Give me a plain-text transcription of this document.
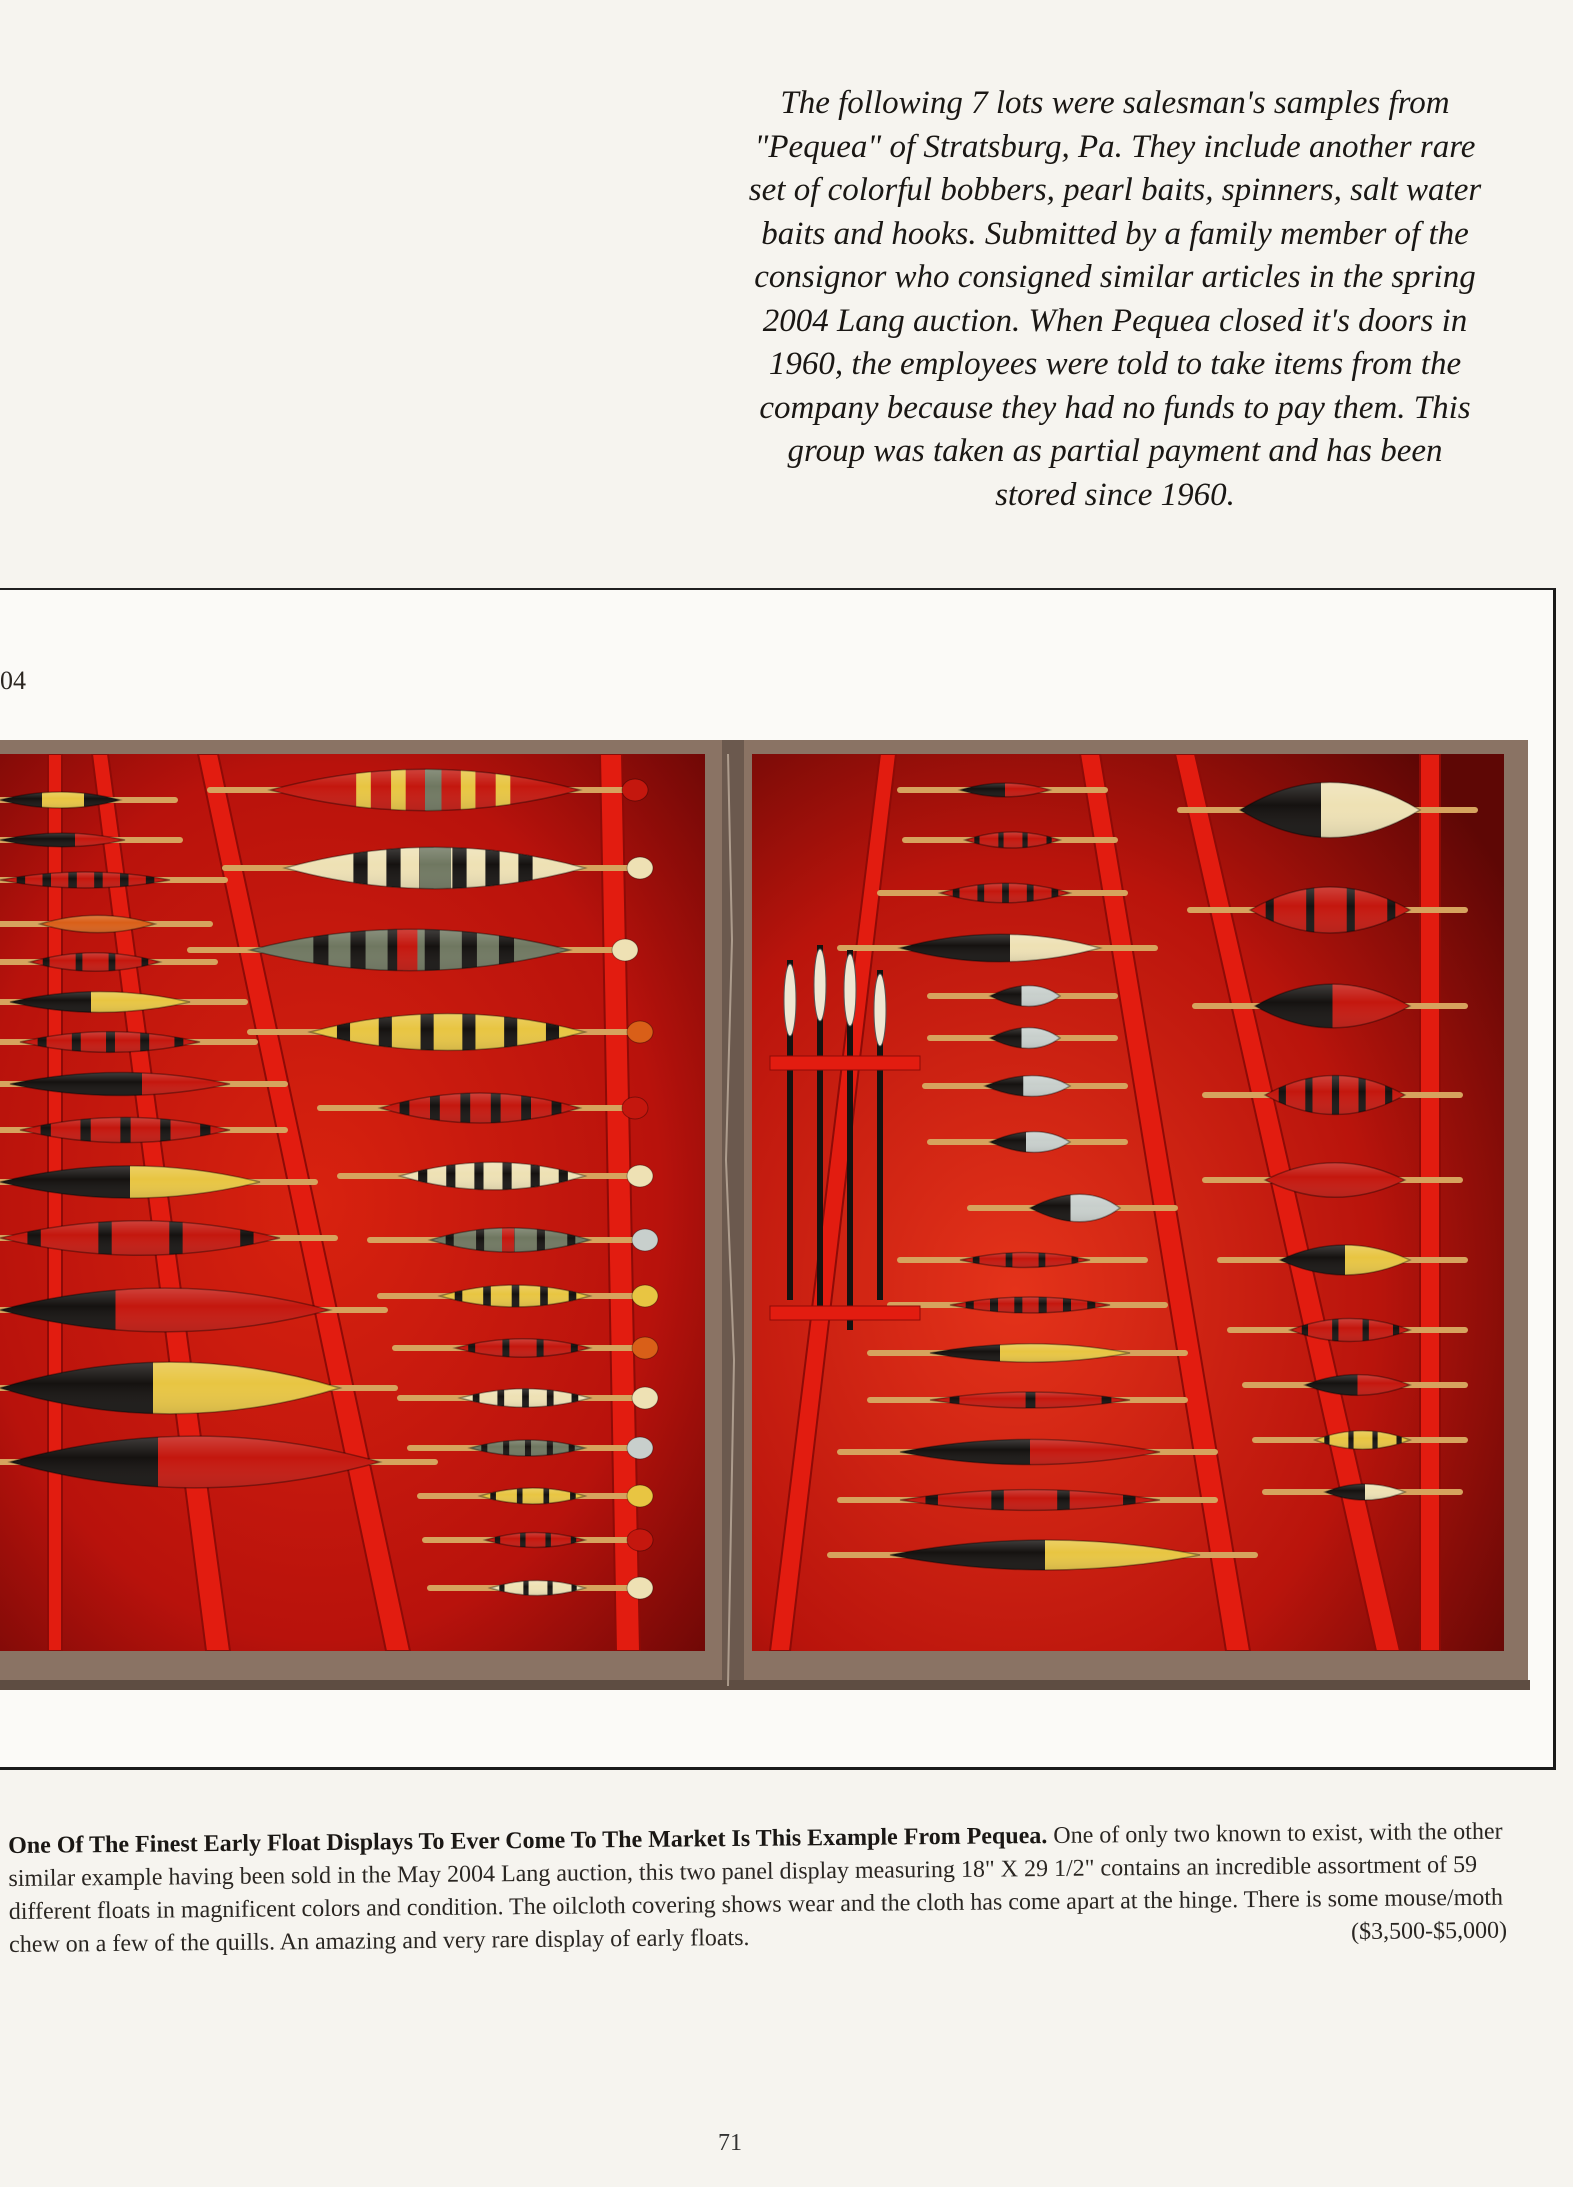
The following 7 lots were salesman's samples from
"Pequea" of Stratsburg, Pa. They include another rare
set of colorful bobbers, pearl baits, spinners, salt water
baits and hooks. Submitted by a family member of the
consignor who consigned similar articles in the spring
2004 Lang auction. When Pequea closed it's doors in
1960, the employees were told to take items from the
company because they had no funds to pay them. This
group was taken as partial payment and has been
stored since 1960.
04
One Of The Finest Early Float Displays To Ever Come To The Market Is This Example From Pequea. One of only two known to exist, with the other similar example having been sold in the May 2004 Lang auction, this two panel display measuring 18" X 29 1/2" contains an incredible assortment of 59 different floats in magnificent colors and condition. The oilcloth covering shows wear and the cloth has come apart at the hinge. There is some mouse/moth chew on a few of the quills. An amazing and very rare display of early floats.	($3,500-$5,000)
71
